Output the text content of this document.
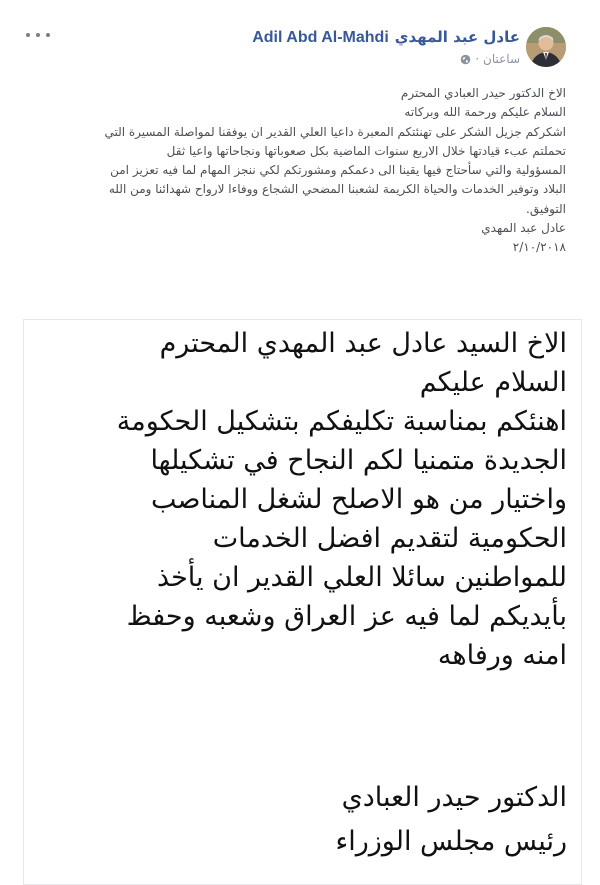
عادل عبد المهديAdil Abd Al-Mahdi
ساعتان ·

الاخ الدكتور حيدر العبادي المحترم

السلام عليكم ورحمة الله وبركاته

اشكركم جزيل الشكر على تهنئتكم المعبرة داعيا العلي القدير ان يوفقنا لمواصلة المسيرة التي

تحملتم عبء قيادتها خلال الاربع سنوات الماضية بكل صعوباتها ونجاحاتها واعيا ثقل

المسؤولية والتي سأحتاج فيها يقينا الى دعمكم ومشورتكم لكي ننجز المهام لما فيه تعزيز امن

البلاد وتوفير الخدمات والحياة الكريمة لشعبنا المضحي الشجاع ووفاءا لارواح شهدائنا ومن الله

التوفيق.

عادل عبد المهدي

٢/١٠/٢٠١٨

الاخ السيد عادل عبد المهدي المحترم

السلام عليكم

اهنئكم بمناسبة تكليفكم بتشكيل الحكومة

الجديدة متمنيا لكم النجاح في تشكيلها

واختيار من هو الاصلح لشغل المناصب

الحكومية لتقديم افضل الخدمات

للمواطنين سائلا العلي القدير ان يأخذ

بأيديكم لما فيه عز العراق وشعبه وحفظ

امنه ورفاهه

الدكتور حيدر العبادي

رئيس مجلس الوزراء
